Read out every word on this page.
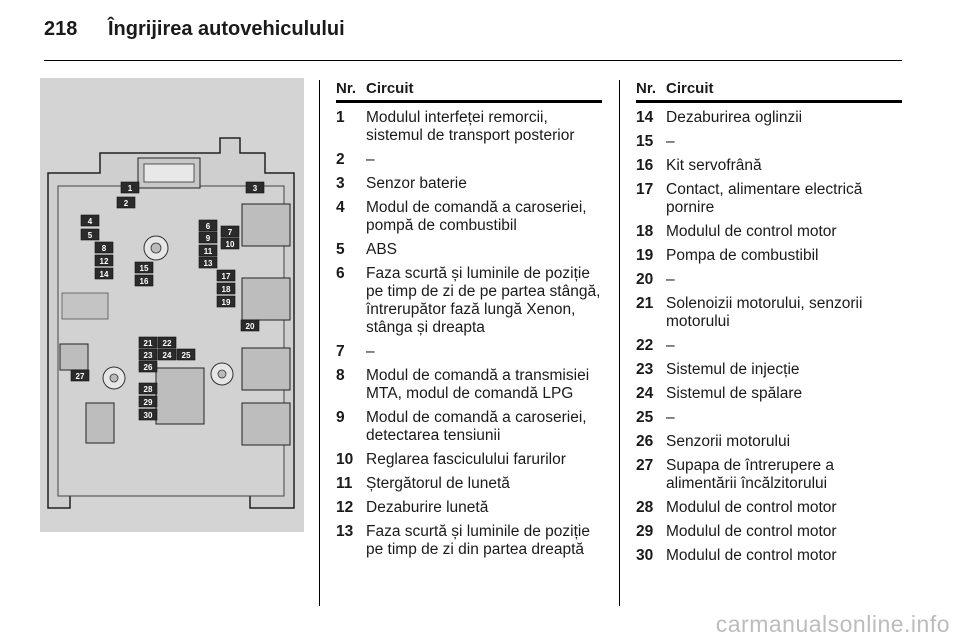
218 Îngrijirea autovehiculului
1
2
3
4
5
6
7
8
9
10
11
12	13
14
15
16
17
18
19
20
21 22
23 24 25
26
27
28
29
30
Nr. Circuit
1	Modulul interfeței remorcii, sistemul de transport posterior
2	–
3	Senzor baterie
4	Modul de comandă a caroseriei, pompă de combustibil
5	ABS
6	Faza scurtă și luminile de poziție pe timp de zi de pe partea stângă, întrerupător fază lungă Xenon, stânga și dreapta
7	–
8	Modul de comandă a transmisiei MTA, modul de comandă LPG
9	Modul de comandă a caroseriei, detectarea tensiunii
10 Reglarea fasciculului farurilor
11 Ștergătorul de lunetă
12 Dezaburire lunetă
13 Faza scurtă și luminile de poziție pe timp de zi din partea dreaptă
Nr. Circuit
14 Dezaburirea oglinzii
15 –
16 Kit servofrână
17 Contact, alimentare electrică pornire
18 Modulul de control motor
19 Pompa de combustibil
20 –
21 Solenoizii motorului, senzorii motorului
22 –
23 Sistemul de injecție
24 Sistemul de spălare
25 –
26 Senzorii motorului
27 Supapa de întrerupere a alimentării încălzitorului
28 Modulul de control motor
29 Modulul de control motor
30 Modulul de control motor
carmanualsonline.info
